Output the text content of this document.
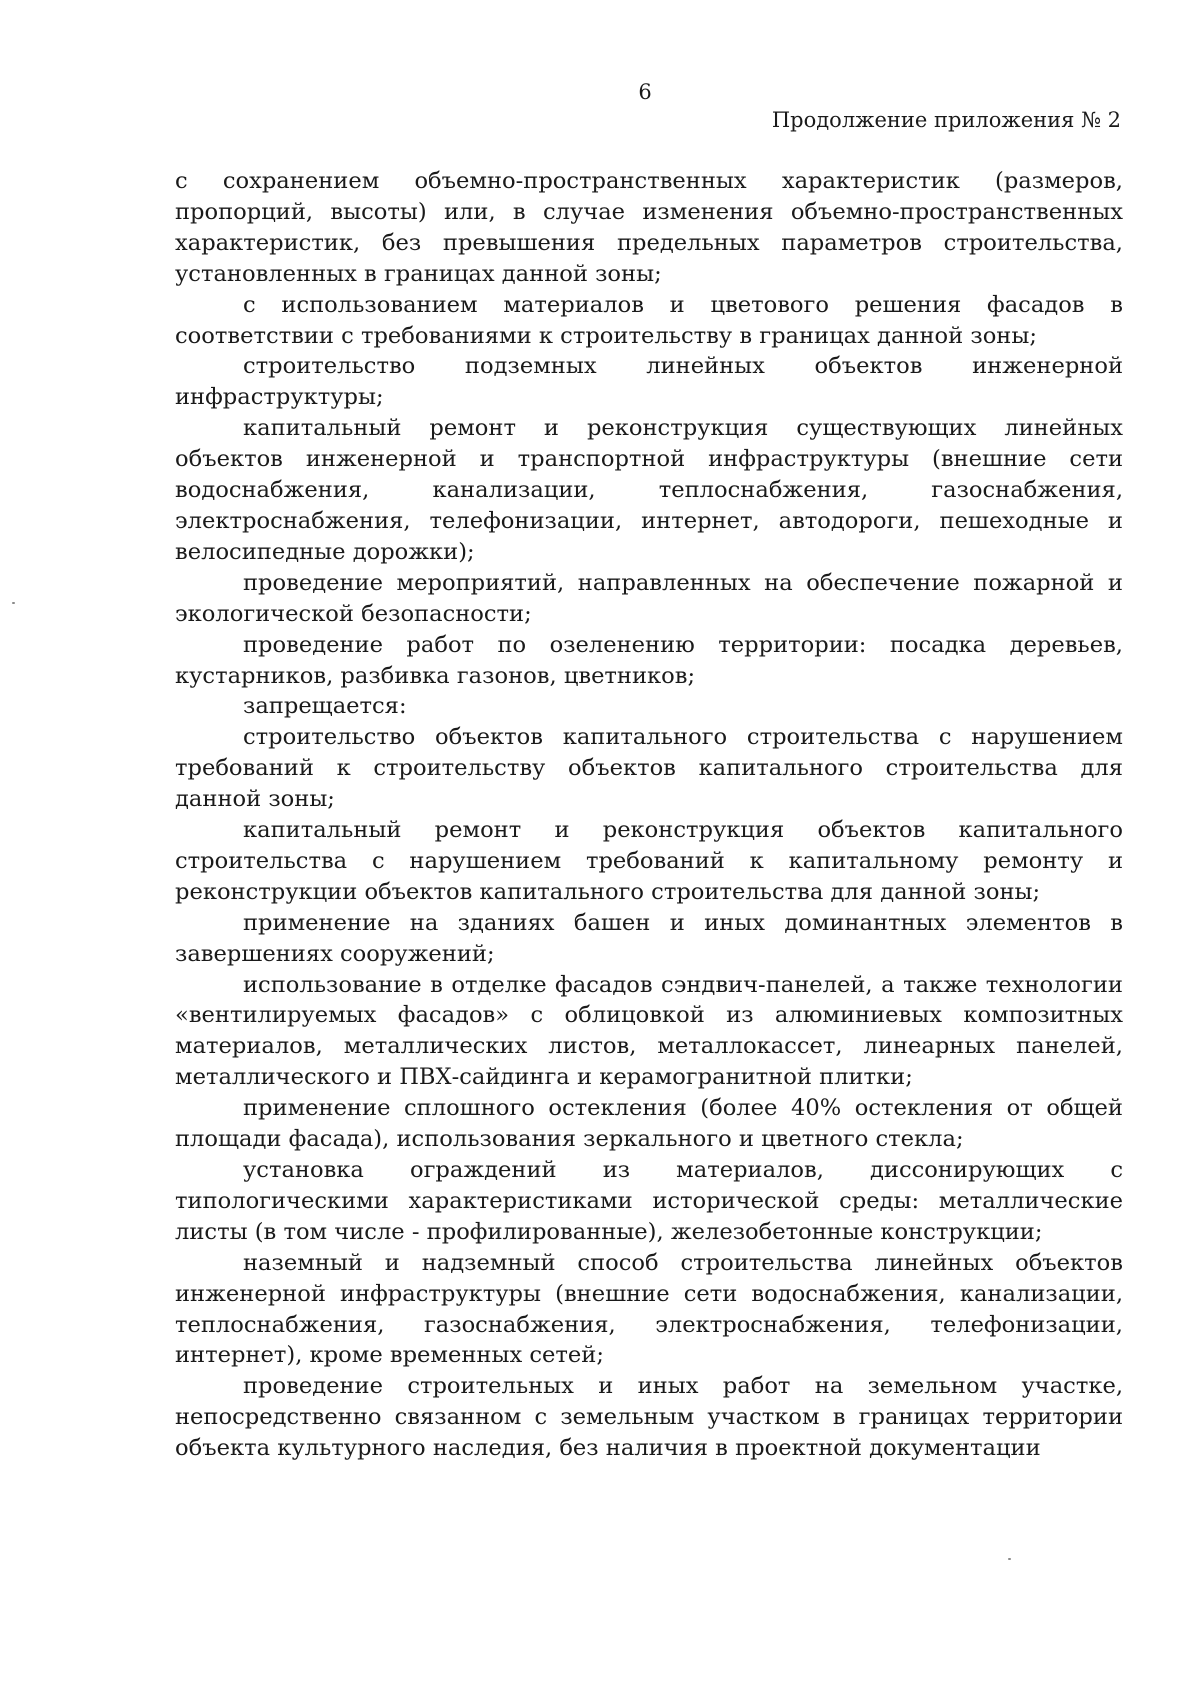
6
Продолжение приложения № 2

с сохранением объемно-пространственных характеристик (размеров, пропорций, высоты) или, в случае изменения объемно-пространственных характеристик, без превышения предельных параметров строительства, установленных в границах данной зоны;

с использованием материалов и цветового решения фасадов в соответствии с требованиями к строительству в границах данной зоны;

строительство подземных линейных объектов инженерной инфраструктуры;

капитальный ремонт и реконструкция существующих линейных объектов инженерной и транспортной инфраструктуры (внешние сети водоснабжения, канализации, теплоснабжения, газоснабжения, электроснабжения, телефонизации, интернет, автодороги, пешеходные и велосипедные дорожки);

проведение мероприятий, направленных на обеспечение пожарной и экологической безопасности;

проведение работ по озеленению территории: посадка деревьев, кустарников, разбивка газонов, цветников;

запрещается:

строительство объектов капитального строительства с нарушением требований к строительству объектов капитального строительства для данной зоны;

капитальный ремонт и реконструкция объектов капитального строительства с нарушением требований к капитальному ремонту и реконструкции объектов капитального строительства для данной зоны;

применение на зданиях башен и иных доминантных элементов в завершениях сооружений;

использование в отделке фасадов сэндвич-панелей, а также технологии «вентилируемых фасадов» с облицовкой из алюминиевых композитных материалов, металлических листов, металлокассет, линеарных панелей, металлического и ПВХ-сайдинга и керамогранитной плитки;

применение сплошного остекления (более 40% остекления от общей площади фасада), использования зеркального и цветного стекла;

установка ограждений из материалов, диссонирующих с типологическими характеристиками исторической среды: металлические листы (в том числе - профилированные), железобетонные конструкции;

наземный и надземный способ строительства линейных объектов инженерной инфраструктуры (внешние сети водоснабжения, канализации, теплоснабжения, газоснабжения, электроснабжения, телефонизации, интернет), кроме временных сетей;

проведение строительных и иных работ на земельном участке, непосредственно связанном с земельным участком в границах территории объекта культурного наследия, без наличия в проектной документации
